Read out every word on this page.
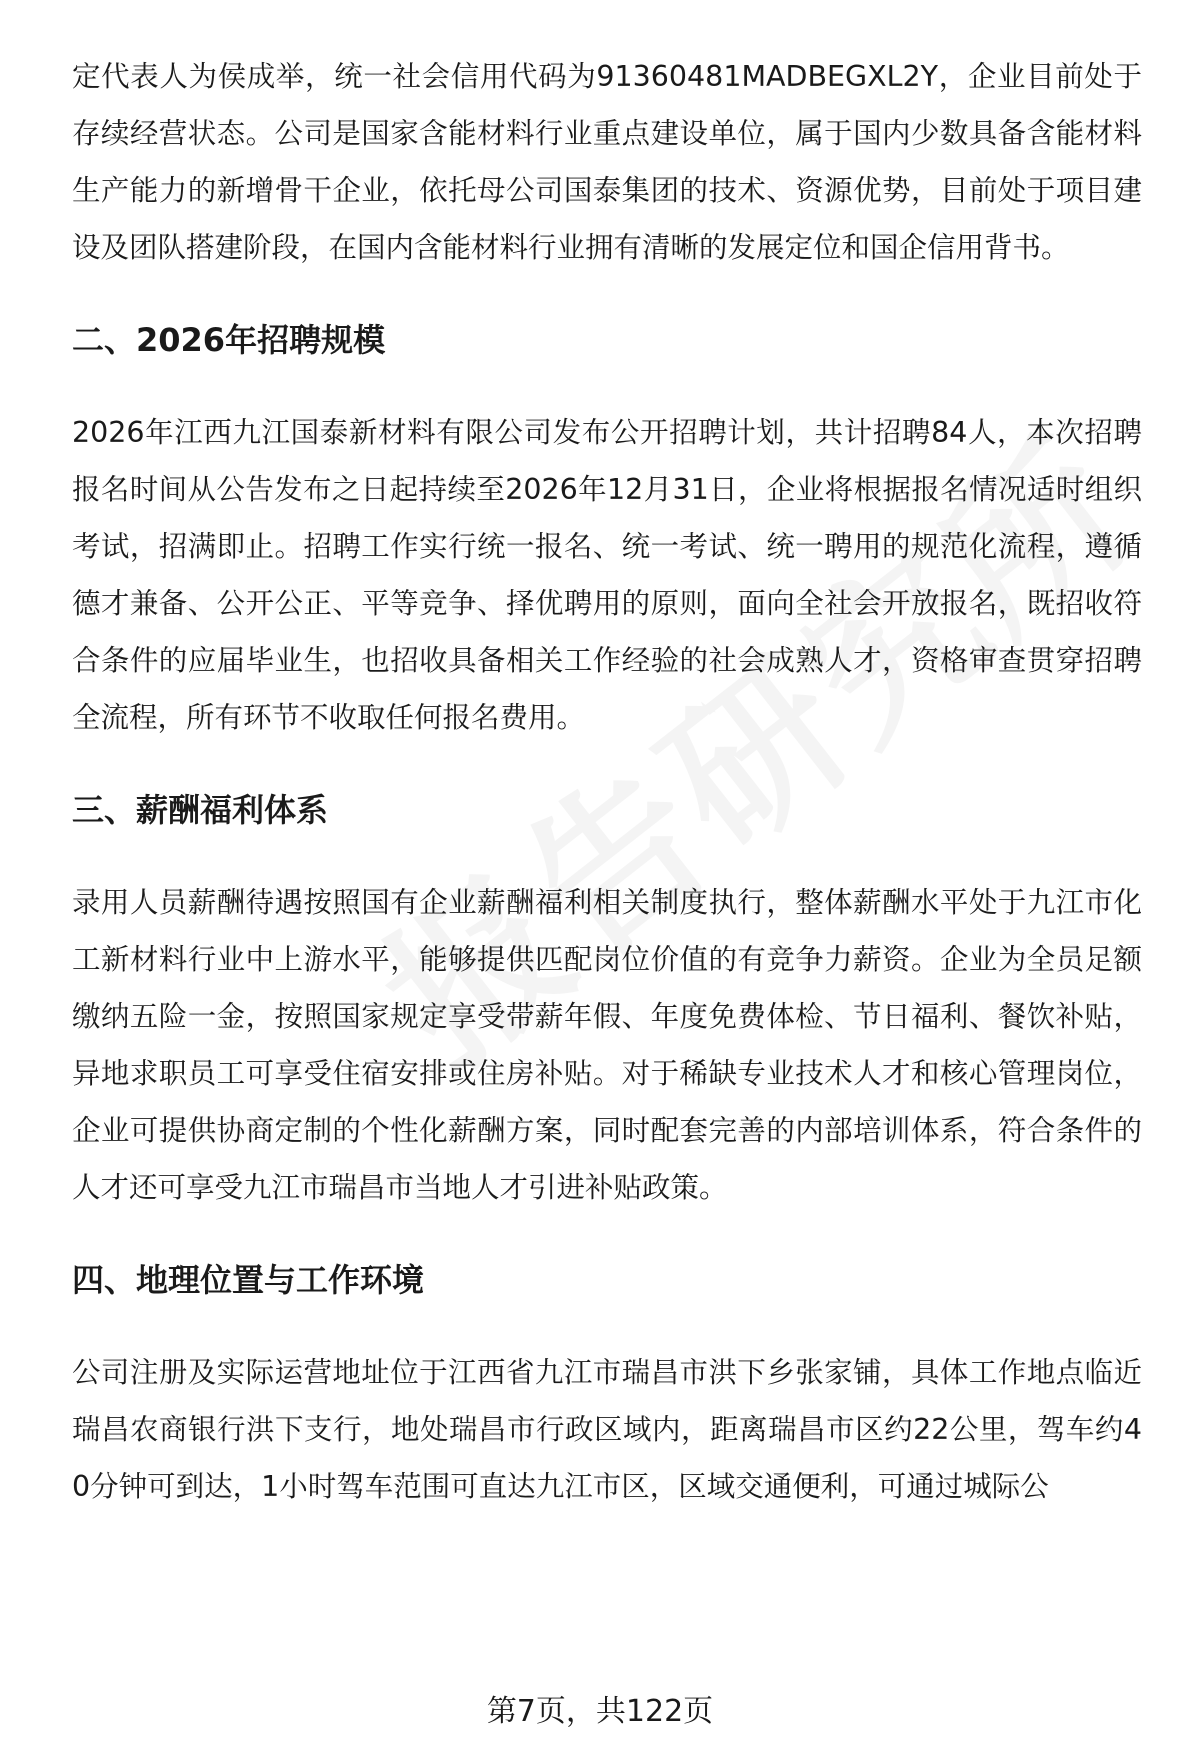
定代表人为侯成举，统一社会信用代码为91360481MADBEGXL2Y，企业目前处于存续经营状态。公司是国家含能材料行业重点建设单位，属于国内少数具备含能材料生产能力的新增骨干企业，依托母公司国泰集团的技术、资源优势，目前处于项目建设及团队搭建阶段，在国内含能材料行业拥有清晰的发展定位和国企信用背书。

二、2026年招聘规模

2026年江西九江国泰新材料有限公司发布公开招聘计划，共计招聘84人，本次招聘报名时间从公告发布之日起持续至2026年12月31日，企业将根据报名情况适时组织考试，招满即止。招聘工作实行统一报名、统一考试、统一聘用的规范化流程，遵循德才兼备、公开公正、平等竞争、择优聘用的原则，面向全社会开放报名，既招收符合条件的应届毕业生，也招收具备相关工作经验的社会成熟人才，资格审查贯穿招聘全流程，所有环节不收取任何报名费用。

三、薪酬福利体系

录用人员薪酬待遇按照国有企业薪酬福利相关制度执行，整体薪酬水平处于九江市化工新材料行业中上游水平，能够提供匹配岗位价值的有竞争力薪资。企业为全员足额缴纳五险一金，按照国家规定享受带薪年假、年度免费体检、节日福利、餐饮补贴，异地求职员工可享受住宿安排或住房补贴。对于稀缺专业技术人才和核心管理岗位，企业可提供协商定制的个性化薪酬方案，同时配套完善的内部培训体系，符合条件的人才还可享受九江市瑞昌市当地人才引进补贴政策。

四、地理位置与工作环境

公司注册及实际运营地址位于江西省九江市瑞昌市洪下乡张家铺，具体工作地点临近瑞昌农商银行洪下支行，地处瑞昌市行政区域内，距离瑞昌市区约22公里，驾车约40分钟可到达，1小时驾车范围可直达九江市区，区域交通便利，可通过城际公

第7页，共122页
